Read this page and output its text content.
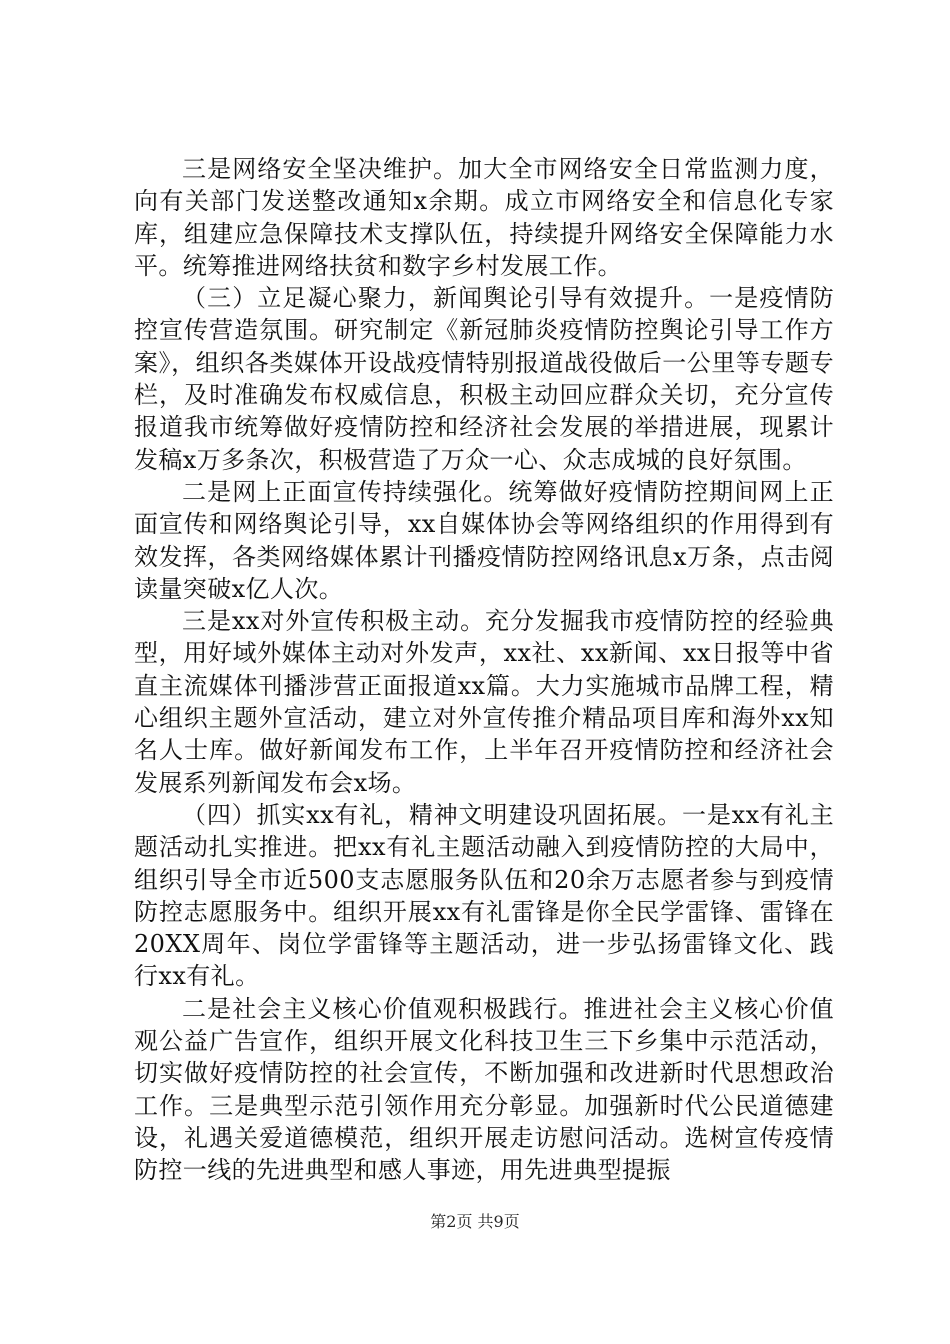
三是网络安全坚决维护。加大全市网络安全日常监测力度，向有关部门发送整改通知x余期。成立市网络安全和信息化专家库，组建应急保障技术支撑队伍，持续提升网络安全保障能力水平。统筹推进网络扶贫和数字乡村发展工作。

（三）立足凝心聚力，新闻舆论引导有效提升。一是疫情防控宣传营造氛围。研究制定《新冠肺炎疫情防控舆论引导工作方案》，组织各类媒体开设战疫情特别报道战役做后一公里等专题专栏，及时准确发布权威信息，积极主动回应群众关切，充分宣传报道我市统筹做好疫情防控和经济社会发展的举措进展，现累计发稿x万多条次，积极营造了万众一心、众志成城的良好氛围。

二是网上正面宣传持续强化。统筹做好疫情防控期间网上正面宣传和网络舆论引导，xx自媒体协会等网络组织的作用得到有效发挥，各类网络媒体累计刊播疫情防控网络讯息x万条，点击阅读量突破x亿人次。

三是xx对外宣传积极主动。充分发掘我市疫情防控的经验典型，用好域外媒体主动对外发声，xx社、xx新闻、xx日报等中省直主流媒体刊播涉营正面报道xx篇。大力实施城市品牌工程，精心组织主题外宣活动，建立对外宣传推介精品项目库和海外xx知名人士库。做好新闻发布工作，上半年召开疫情防控和经济社会发展系列新闻发布会x场。

（四）抓实xx有礼，精神文明建设巩固拓展。一是xx有礼主题活动扎实推进。把xx有礼主题活动融入到疫情防控的大局中，组织引导全市近500支志愿服务队伍和20余万志愿者参与到疫情防控志愿服务中。组织开展xx有礼雷锋是你全民学雷锋、雷锋在20XX周年、岗位学雷锋等主题活动，进一步弘扬雷锋文化、践行xx有礼。

二是社会主义核心价值观积极践行。推进社会主义核心价值观公益广告宣作，组织开展文化科技卫生三下乡集中示范活动，切实做好疫情防控的社会宣传，不断加强和改进新时代思想政治工作。三是典型示范引领作用充分彰显。加强新时代公民道德建设，礼遇关爱道德模范，组织开展走访慰问活动。选树宣传疫情防控一线的先进典型和感人事迹，用先进典型提振

第2页 共9页
